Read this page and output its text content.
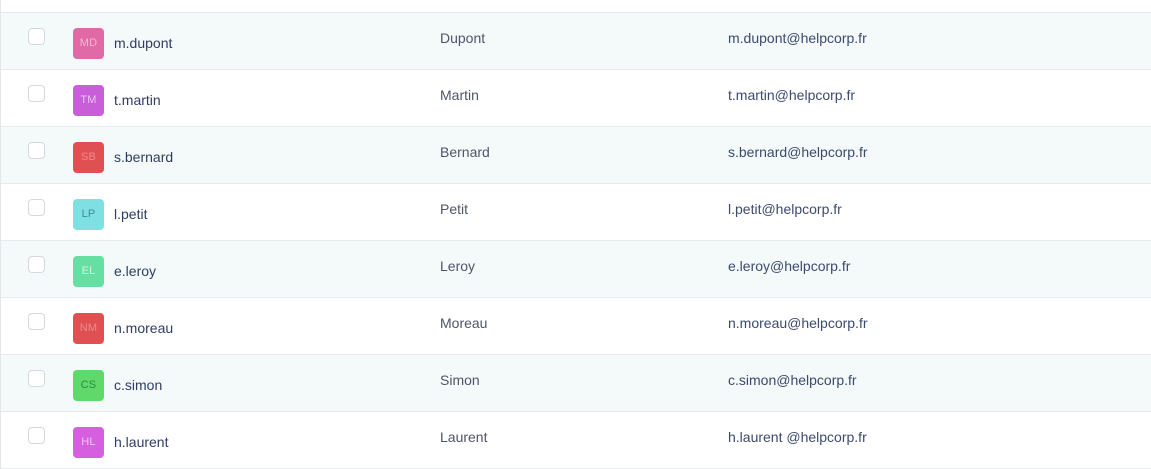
MD	m.dupont	Dupont	m.dupont@helpcorp.fr
TM	t.martin	Martin	t.martin@helpcorp.fr
SB	s.bernard	Bernard	s.bernard@helpcorp.fr
LP	l.petit	Petit	l.petit@helpcorp.fr
EL	e.leroy	Leroy	e.leroy@helpcorp.fr
NM	n.moreau	Moreau	n.moreau@helpcorp.fr
CS	c.simon	Simon	c.simon@helpcorp.fr
HL	h.laurent	Laurent	h.laurent @helpcorp.fr
